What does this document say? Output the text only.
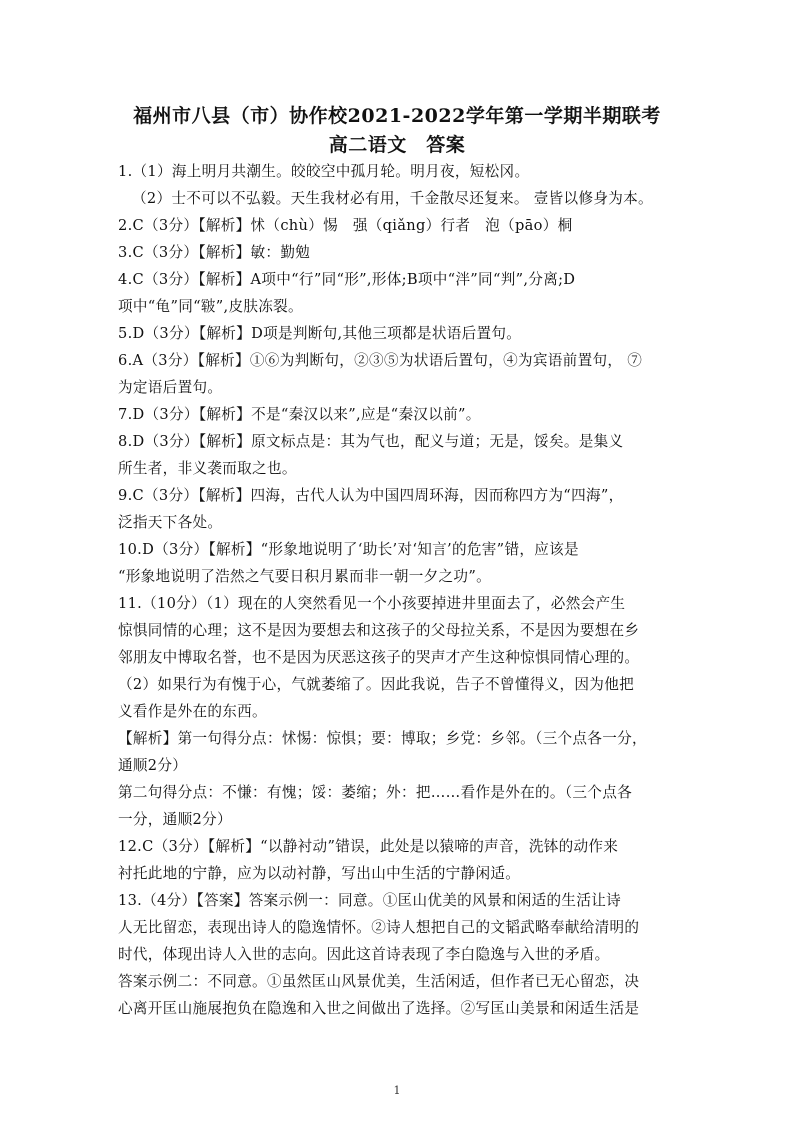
福州市八县（市）协作校2021-2022学年第一学期半期联考
高二语文　答案
1.（1）海上明月共潮生。皎皎空中孤月轮。明月夜，短松冈。
（2）士不可以不弘毅。天生我材必有用，千金散尽还复来。 壹皆以修身为本。
2.C（3分）【解析】怵（chù）惕　强（qiǎng）行者　泡（pāo）桐
3.C（3分）【解析】敏：勤勉
4.C（3分）【解析】A项中“行”同“形”,形体;B项中“泮”同“判”,分离;D
项中“龟”同“皲”,皮肤冻裂。
5.D（3分）【解析】D项是判断句,其他三项都是状语后置句。
6.A（3分）【解析】①⑥为判断句，②③⑤为状语后置句，④为宾语前置句， ⑦
为定语后置句。
7.D（3分）【解析】不是“秦汉以来”,应是“秦汉以前”。
8.D（3分）【解析】原文标点是：其为气也，配义与道；无是，馁矣。是集义
所生者，非义袭而取之也。
9.C（3分）【解析】四海，古代人认为中国四周环海，因而称四方为“四海”，
泛指天下各处。
10.D（3分）【解析】“形象地说明了‘助长’对‘知言’的危害”错，应该是
“形象地说明了浩然之气要日积月累而非一朝一夕之功”。
11.（10分）（1）现在的人突然看见一个小孩要掉进井里面去了，必然会产生
惊惧同情的心理；这不是因为要想去和这孩子的父母拉关系，不是因为要想在乡
邻朋友中博取名誉，也不是因为厌恶这孩子的哭声才产生这种惊惧同情心理的。
（2）如果行为有愧于心，气就萎缩了。因此我说，告子不曾懂得义，因为他把
义看作是外在的东西。
【解析】第一句得分点：怵惕：惊惧；要：博取；乡党：乡邻。（三个点各一分，
通顺2分）
第二句得分点：不慊：有愧；馁：萎缩；外：把……看作是外在的。（三个点各
一分，通顺2分）
12.C（3分）【解析】“以静衬动”错误，此处是以猿啼的声音，洗钵的动作来
衬托此地的宁静，应为以动衬静，写出山中生活的宁静闲适。
13.（4分）【答案】答案示例一：同意。①匡山优美的风景和闲适的生活让诗
人无比留恋，表现出诗人的隐逸情怀。②诗人想把自己的文韬武略奉献给清明的
时代，体现出诗人入世的志向。因此这首诗表现了李白隐逸与入世的矛盾。
答案示例二：不同意。①虽然匡山风景优美，生活闲适，但作者已无心留恋，决
心离开匡山施展抱负在隐逸和入世之间做出了选择。②写匡山美景和闲适生活是
1
